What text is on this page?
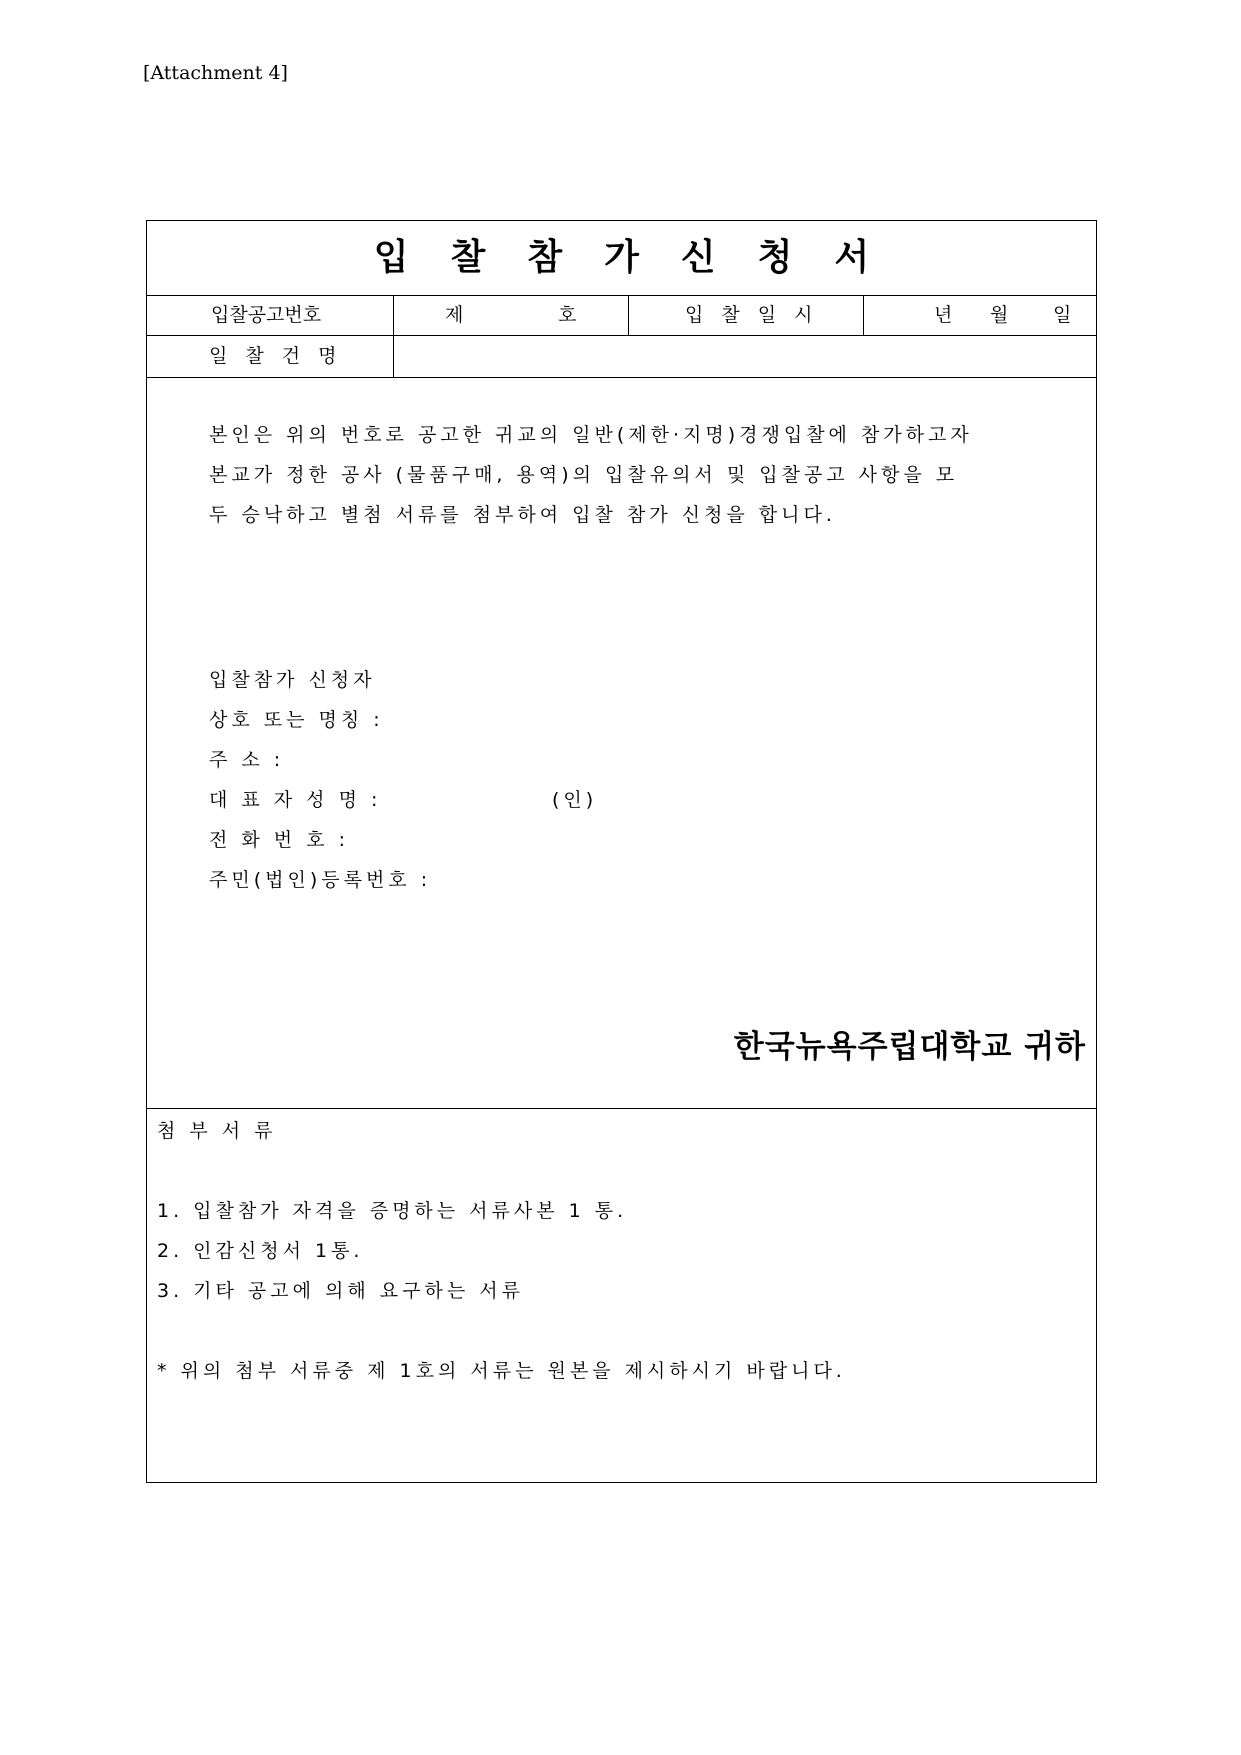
[Attachment 4]
입찰참가신청서
입찰공고번호	제	호	입 찰 일 시	년 월 일
일 찰 건 명
본인은 위의 번호로 공고한 귀교의 일반(제한·지명)경쟁입찰에 참가하고자
본교가 정한 공사 (물품구매, 용역)의 입찰유의서 및 입찰공고 사항을 모
두 승낙하고 별첨 서류를 첨부하여 입찰 참가 신청을 합니다.
입찰참가 신청자
상호 또는 명칭 :
주 소 :
대 표 자 성 명 :	(인)
전 화 번 호 :
주민(법인)등록번호 :
한국뉴욕주립대학교 귀하
첨 부 서 류
1. 입찰참가 자격을 증명하는 서류사본 1 통.
2. 인감신청서 1통.
3. 기타 공고에 의해 요구하는 서류
* 위의 첨부 서류중 제 1호의 서류는 원본을 제시하시기 바랍니다.
